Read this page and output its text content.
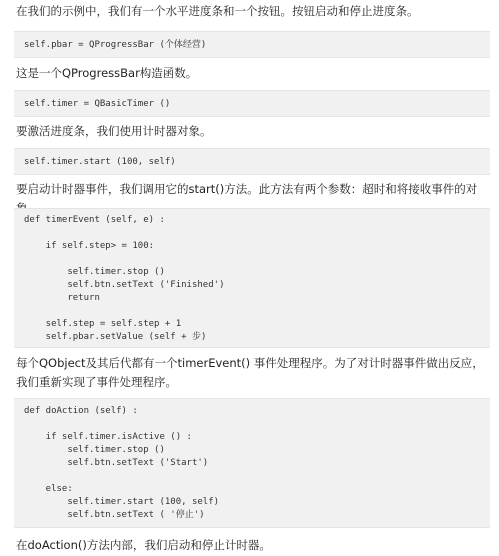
在我们的示例中，我们有一个水平进度条和一个按钮。按钮启动和停止进度条。
self.pbar = QProgressBar (个体经营)
这是一个QProgressBar构造函数。
self.timer = QBasicTimer ()
要激活进度条，我们使用计时器对象。
self.timer.start (100, self)
要启动计时器事件，我们调用它的start()方法。此方法有两个参数：超时和将接收事件的对
def timerEvent (self, e) :
if self.step> = 100:
self.timer.stop ()
self.btn.setText ('Finished')
return
self.step = self.step + 1
self.pbar.setValue (self + 步)
每个QObject及其后代都有一个timerEvent() 事件处理程序。为了对计时器事件做出反应，我们重新实现了事件处理程序。
def doAction (self) :
if self.timer.isActive () :
self.timer.stop ()
self.btn.setText ('Start')
else:
self.timer.start (100, self)
self.btn.setText ( '停止')
在doAction()方法内部，我们启动和停止计时器。
